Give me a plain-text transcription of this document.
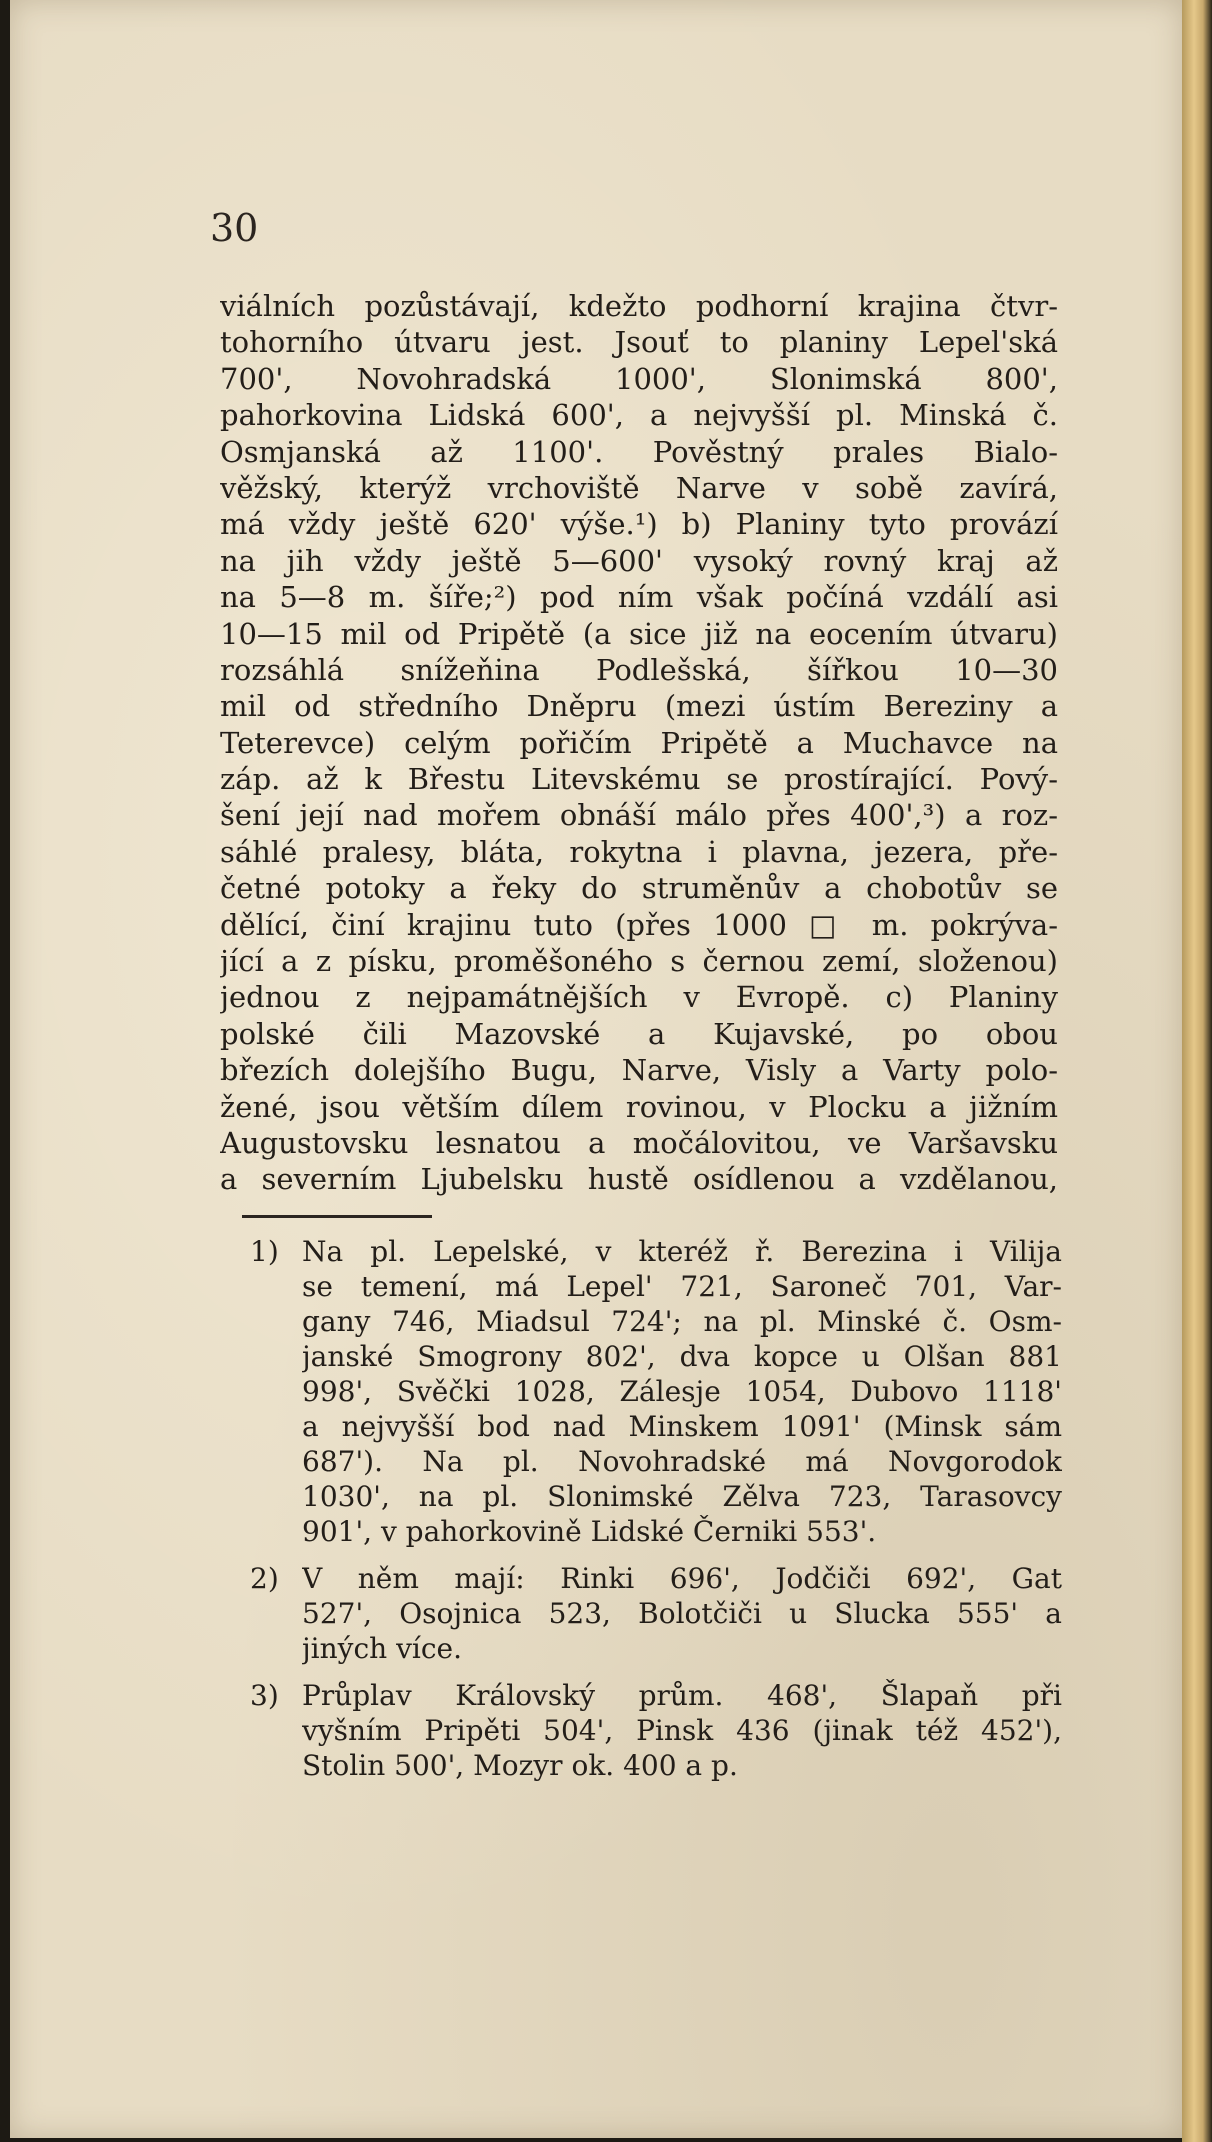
30
viálních pozůstávají, kdežto podhorní krajina čtvr-
tohorního útvaru jest. Jsouť to planiny Lepel'ská
700', Novohradská 1000', Slonimská 800',
pahorkovina Lidská 600', a nejvyšší pl. Minská č.
Osmjanská až 1100'. Pověstný prales Bialo-
věžský, kterýž vrchoviště Narve v sobě zavírá,
má vždy ještě 620' výše.¹) b) Planiny tyto provází
na jih vždy ještě 5—600' vysoký rovný kraj až
na 5—8 m. šíře;²) pod ním však počíná vzdálí asi
10—15 mil od Pripětě (a sice již na eocením útvaru)
rozsáhlá snížeňina Podlešská, šířkou 10—30
mil od středního Dněpru (mezi ústím Bereziny a
Teterevce) celým pořičím Pripětě a Muchavce na
záp. až k Břestu Litevskému se prostírající. Pový-
šení její nad mořem obnáší málo přes 400',³) a roz-
sáhlé pralesy, bláta, rokytna i plavna, jezera, pře-
četné potoky a řeky do struměnův a chobotův se
dělící, činí krajinu tuto (přes 1000 □ m. pokrýva-
jící a z písku, proměšoného s černou zemí, složenou)
jednou z nejpamátnějších v Evropě. c) Planiny
polské čili Mazovské a Kujavské, po obou
březích dolejšího Bugu, Narve, Visly a Varty polo-
žené, jsou větším dílem rovinou, v Plocku a jižním
Augustovsku lesnatou a močálovitou, ve Varšavsku
a severním Ljubelsku hustě osídlenou a vzdělanou,
1) Na pl. Lepelské, v kteréž ř. Berezina i Vilija
se temení, má Lepel' 721, Saroneč 701, Var-
gany 746, Miadsul 724'; na pl. Minské č. Osm-
janské Smogrony 802', dva kopce u Olšan 881
998', Svěčki 1028, Zálesje 1054, Dubovo 1118'
a nejvyšší bod nad Minskem 1091' (Minsk sám
687'). Na pl. Novohradské má Novgorodok
1030', na pl. Slonimské Zělva 723, Tarasovcy
901', v pahorkovině Lidské Černiki 553'.
2) V něm mají: Rinki 696', Jodčiči 692', Gat
527', Osojnica 523, Bolotčiči u Slucka 555' a
jiných více.
3) Průplav Královský prům. 468', Šlapaň při
vyšním Pripěti 504', Pinsk 436 (jinak též 452'),
Stolin 500', Mozyr ok. 400 a p.
